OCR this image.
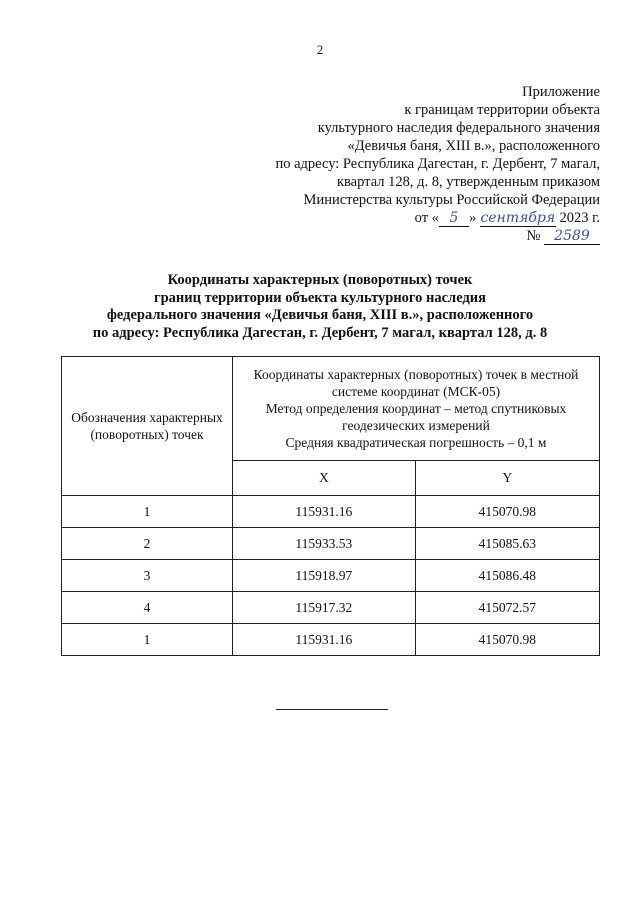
2
Приложение
к границам территории объекта
культурного наследия федерального значения
«Девичья баня, XIII в.», расположенного
по адресу: Республика Дагестан, г. Дербент, 7 магал,
квартал 128, д. 8, утвержденным приказом
Министерства культуры Российской Федерации
от « 5 » сентября 2023 г.
№ 2589
Координаты характерных (поворотных) точек
границ территории объекта культурного наследия
федерального значения «Девичья баня, XIII в.», расположенного
по адресу: Республика Дагестан, г. Дербент, 7 магал, квартал 128, д. 8
Обозначения характерных (поворотных) точек	Координаты характерных (поворотных) точек в местной
системе координат (МСК-05)
Метод определения координат – метод спутниковых
геодезических измерений
Средняя квадратическая погрешность – 0,1 м	

	X	Y
1	115931.16	415070.98
2	115933.53	415085.63
3	115918.97	415086.48
4	115917.32	415072.57
1	115931.16	415070.98
